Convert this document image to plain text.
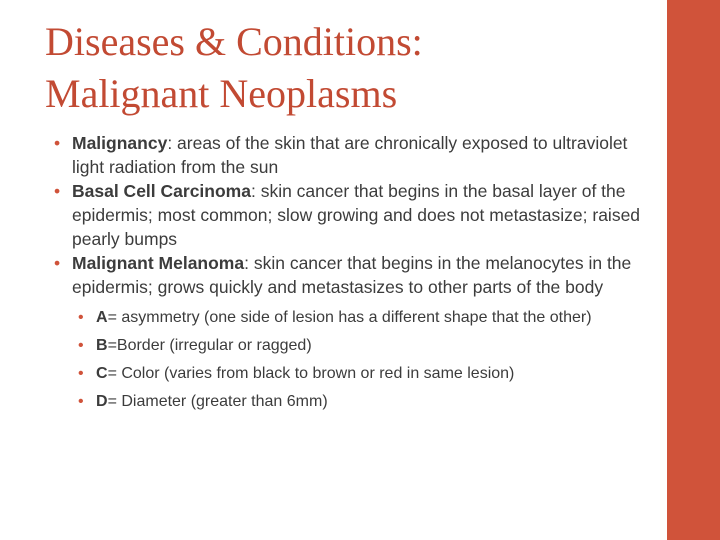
Diseases & Conditions:
Malignant Neoplasms
• Malignancy: areas of the skin that are chronically exposed to ultraviolet light radiation from the sun
• Basal Cell Carcinoma: skin cancer that begins in the basal layer of the epidermis; most common; slow growing and does not metastasize; raised pearly bumps
• Malignant Melanoma: skin cancer that begins in the melanocytes in the epidermis; grows quickly and metastasizes to other parts of the body
• A= asymmetry (one side of lesion has a different shape that the other)
• B=Border (irregular or ragged)
• C= Color (varies from black to brown or red in same lesion)
• D= Diameter (greater than 6mm)
